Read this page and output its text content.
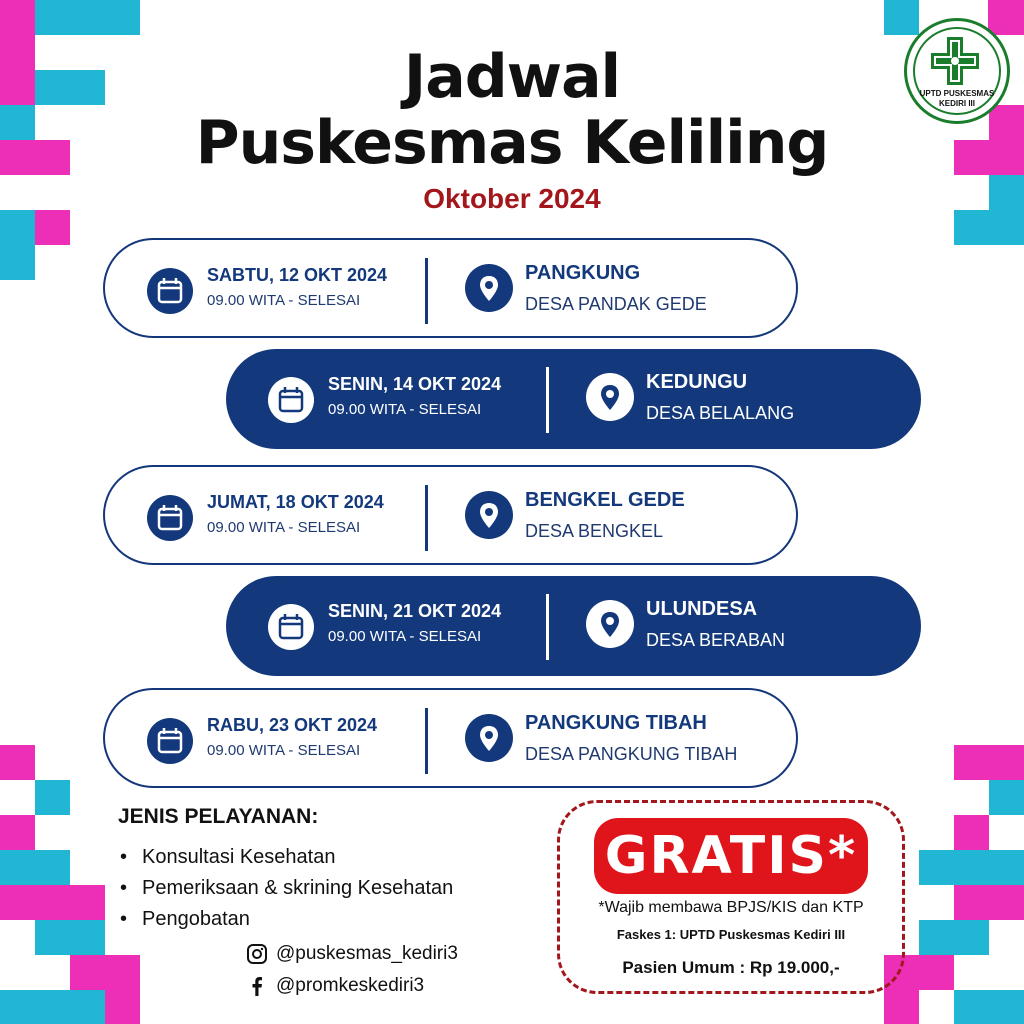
UPTD PUSKESMAS
KEDIRI III
Jadwal
Puskesmas Keliling
Oktober 2024
SABTU, 12 OKT 2024
09.00 WITA - SELESAI
PANGKUNG
DESA PANDAK GEDE
SENIN, 14 OKT 2024
09.00 WITA - SELESAI
KEDUNGU
DESA BELALANG
JUMAT, 18 OKT 2024
09.00 WITA - SELESAI
BENGKEL GEDE
DESA BENGKEL
SENIN, 21 OKT 2024
09.00 WITA - SELESAI
ULUNDESA
DESA BERABAN
RABU, 23 OKT 2024
09.00 WITA - SELESAI
PANGKUNG TIBAH
DESA PANGKUNG TIBAH
JENIS PELAYANAN:
• Konsultasi Kesehatan
• Pemeriksaan & skrining Kesehatan
• Pengobatan
@puskesmas_kediri3
@promkeskediri3
GRATIS*
*Wajib membawa BPJS/KIS dan KTP
Faskes 1: UPTD Puskesmas Kediri III
Pasien Umum : Rp 19.000,-
